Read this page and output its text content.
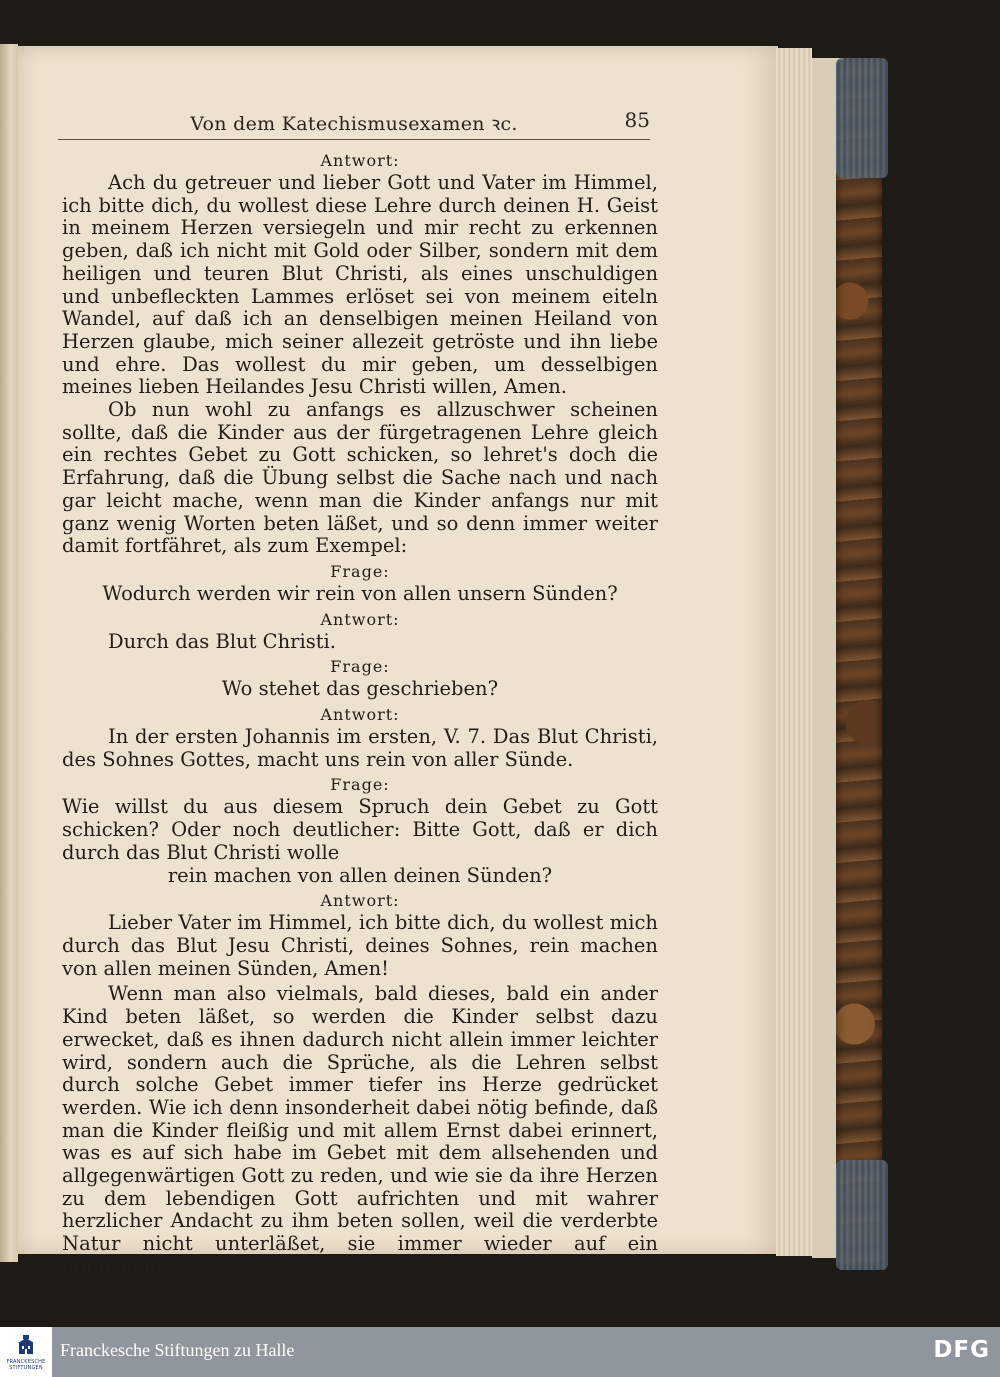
Von dem Katechismusexamen ꝛc.	85

Antwort:

Ach du getreuer und lieber Gott und Vater im Himmel, ich bitte dich, du wollest diese Lehre durch deinen H. Geist in meinem Herzen versiegeln und mir recht zu erkennen geben, daß ich nicht mit Gold oder Silber, sondern mit dem heiligen und teuren Blut Christi, als eines unschuldigen und unbefleckten Lammes erlöset sei von meinem eiteln Wandel, auf daß ich an denselbigen meinen Heiland von Herzen glaube, mich seiner allezeit getröste und ihn liebe und ehre. Das wollest du mir geben, um desselbigen meines lieben Heilandes Jesu Christi willen, Amen.

Ob nun wohl zu anfangs es allzuschwer scheinen sollte, daß die Kinder aus der fürgetragenen Lehre gleich ein rechtes Gebet zu Gott schicken, so lehret's doch die Erfahrung, daß die Übung selbst die Sache nach und nach gar leicht mache, wenn man die Kinder anfangs nur mit ganz wenig Worten beten läßet, und so denn immer weiter damit fortfähret, als zum Exempel:

Frage:

Wodurch werden wir rein von allen unsern Sünden?

Antwort:

Durch das Blut Christi.

Frage:

Wo stehet das geschrieben?

Antwort:

In der ersten Johannis im ersten, V. 7. Das Blut Christi, des Sohnes Gottes, macht uns rein von aller Sünde.

Frage:

Wie willst du aus diesem Spruch dein Gebet zu Gott schicken? Oder noch deutlicher: Bitte Gott, daß er dich durch das Blut Christi wolle

rein machen von allen deinen Sünden?

Antwort:

Lieber Vater im Himmel, ich bitte dich, du wollest mich durch das Blut Jesu Christi, deines Sohnes, rein machen von allen meinen Sünden, Amen!

Wenn man also vielmals, bald dieses, bald ein ander Kind beten läßet, so werden die Kinder selbst dazu erwecket, daß es ihnen dadurch nicht allein immer leichter wird, sondern auch die Sprüche, als die Lehren selbst durch solche Gebet immer tiefer ins Herze gedrücket werden. Wie ich denn insonderheit dabei nötig befinde, daß man die Kinder fleißig und mit allem Ernst dabei erinnert, was es auf sich habe im Gebet mit dem allsehenden und allgegenwärtigen Gott zu reden, und wie sie da ihre Herzen zu dem lebendigen Gott aufrichten und mit wahrer herzlicher Andacht zu ihm beten sollen, weil die verderbte Natur nicht unterläßet, sie immer wieder auf ein äußerliches

FRANCKESCHE STIFTUNGEN
Franckesche Stiftungen zu Halle	DFG
